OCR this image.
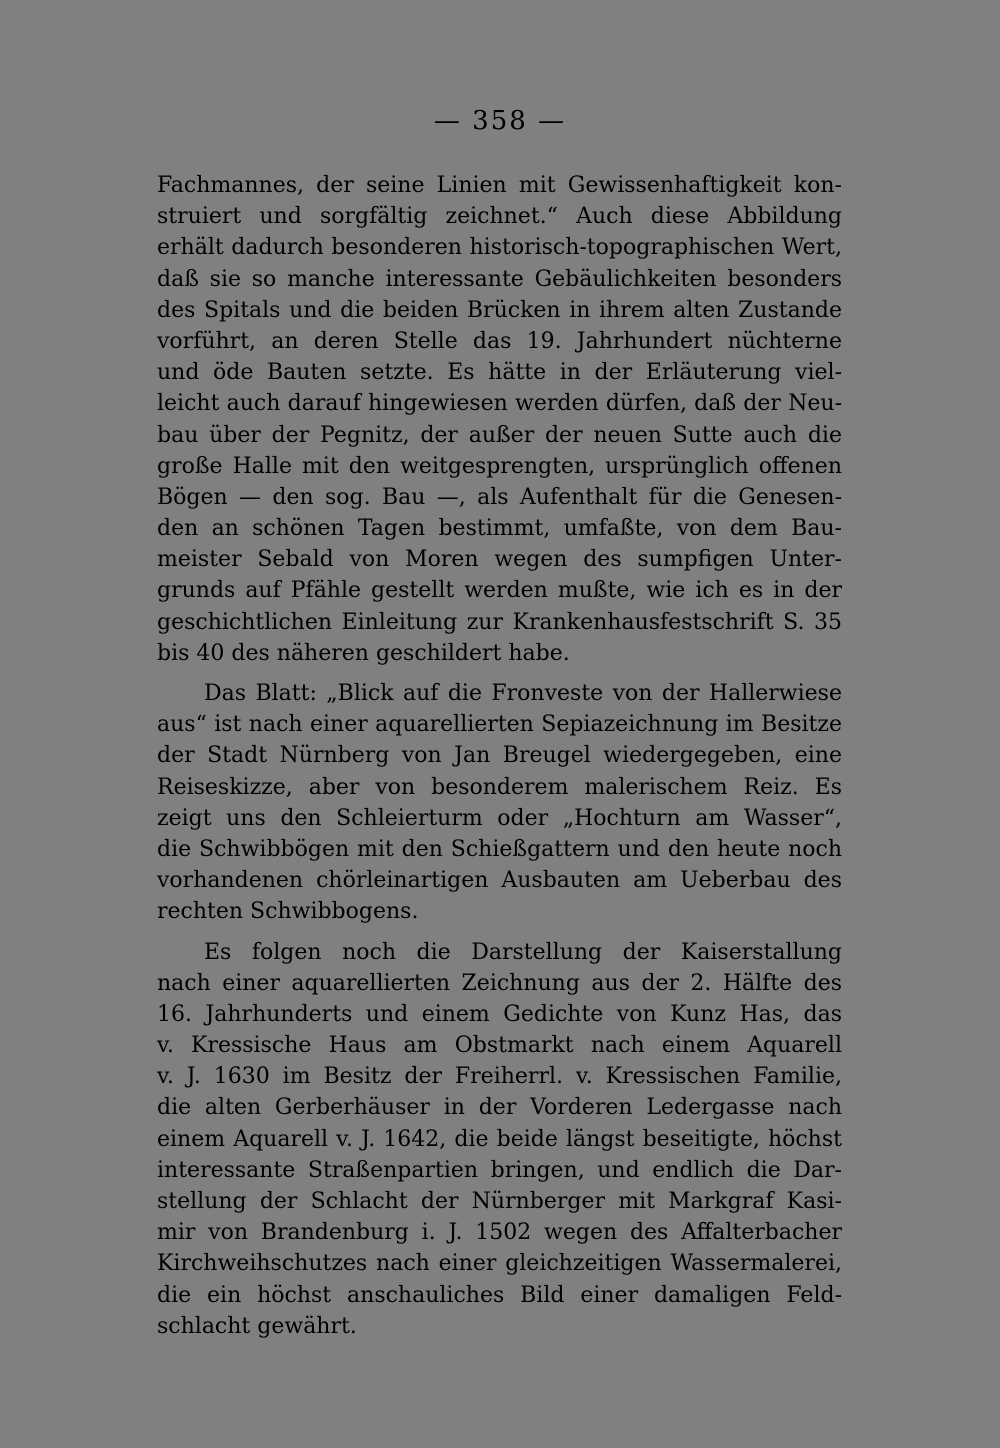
— 358 —
Fachmannes, der seine Linien mit Gewissenhaftigkeit kon-
struiert und sorgfältig zeichnet.“ Auch diese Abbildung
erhält dadurch besonderen historisch-topographischen Wert,
daß sie so manche interessante Gebäulichkeiten besonders
des Spitals und die beiden Brücken in ihrem alten Zustande
vorführt, an deren Stelle das 19. Jahrhundert nüchterne
und öde Bauten setzte. Es hätte in der Erläuterung viel-
leicht auch darauf hingewiesen werden dürfen, daß der Neu-
bau über der Pegnitz, der außer der neuen Sutte auch die
große Halle mit den weitgesprengten, ursprünglich offenen
Bögen — den sog. Bau —, als Aufenthalt für die Genesen-
den an schönen Tagen bestimmt, umfaßte, von dem Bau-
meister Sebald von Moren wegen des sumpfigen Unter-
grunds auf Pfähle gestellt werden mußte, wie ich es in der
geschichtlichen Einleitung zur Krankenhausfestschrift S. 35
bis 40 des näheren geschildert habe.
Das Blatt: „Blick auf die Fronveste von der Hallerwiese
aus“ ist nach einer aquarellierten Sepiazeichnung im Besitze
der Stadt Nürnberg von Jan Breugel wiedergegeben, eine
Reiseskizze, aber von besonderem malerischem Reiz. Es
zeigt uns den Schleierturm oder „Hochturn am Wasser“,
die Schwibbögen mit den Schießgattern und den heute noch
vorhandenen chörleinartigen Ausbauten am Ueberbau des
rechten Schwibbogens.
Es folgen noch die Darstellung der Kaiserstallung
nach einer aquarellierten Zeichnung aus der 2. Hälfte des
16. Jahrhunderts und einem Gedichte von Kunz Has, das
v. Kressische Haus am Obstmarkt nach einem Aquarell
v. J. 1630 im Besitz der Freiherrl. v. Kressischen Familie,
die alten Gerberhäuser in der Vorderen Ledergasse nach
einem Aquarell v. J. 1642, die beide längst beseitigte, höchst
interessante Straßenpartien bringen, und endlich die Dar-
stellung der Schlacht der Nürnberger mit Markgraf Kasi-
mir von Brandenburg i. J. 1502 wegen des Affalterbacher
Kirchweihschutzes nach einer gleichzeitigen Wassermalerei,
die ein höchst anschauliches Bild einer damaligen Feld-
schlacht gewährt.
